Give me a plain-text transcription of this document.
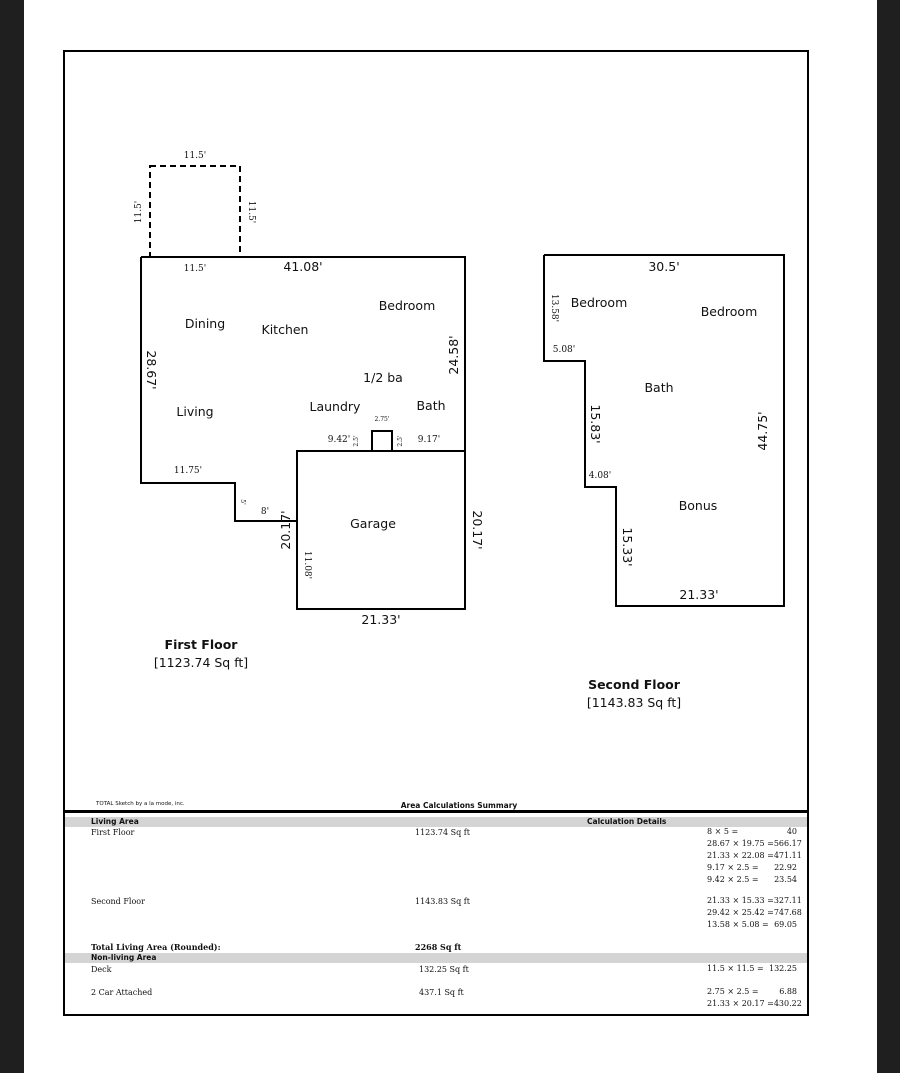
Dining	Kitchen
Bedroom
1/2 ba
Living	Laundry	Bath
Garage
11.5'
11.5'	11.5'
11.5'	41.08'
24.58'
28.67'
9.42'
2.75'
2.5'	2.5' 9.17'
11.75'
5'
8' 20.17'
11.08'
20.17'
21.33'
Bedroom
Bedroom
Bath
Bonus
30.5'
13.58'
5.08'
15.83'
4.08'
15.33'
44.75'
21.33'
First Floor
[1123.74 Sq ft]
Second Floor
[1143.83 Sq ft]
TOTAL Sketch by a la mode, inc.	Area Calculations Summary
Living Area	Calculation Details
First Floor	1123.74 Sq ft	8 × 5 =	40
28.67 × 19.75 = 566.17
21.33 × 22.08 = 471.11
9.17 × 2.5 = 22.92
9.42 × 2.5 = 23.54
Second Floor	1143.83 Sq ft	21.33 × 15.33 = 327.11
29.42 × 25.42 = 747.68
13.58 × 5.08 = 69.05
Total Living Area (Rounded):	2268 Sq ft
Non-living Area
Deck	132.25 Sq ft	11.5 × 11.5 = 132.25
2 Car Attached	437.1 Sq ft	2.75 × 2.5 =	6.88
21.33 × 20.17 = 430.22
